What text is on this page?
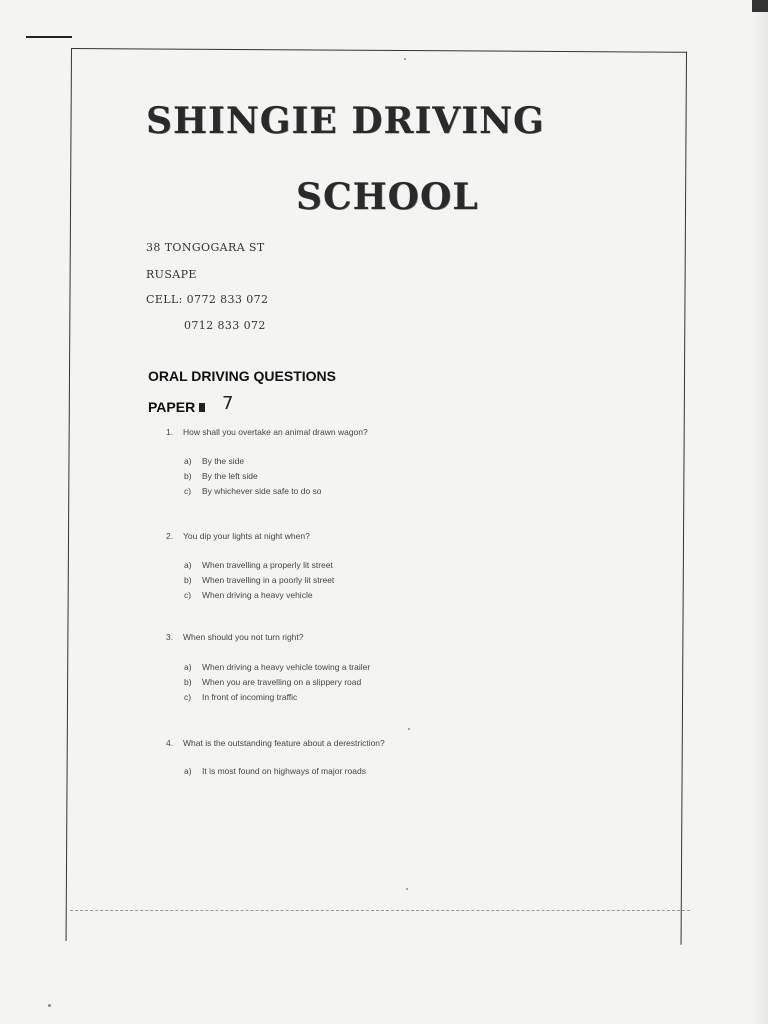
SHINGIE DRIVING
SCHOOL

38 TONGOGARA ST

RUSAPE

CELL: 0772 833 072

0712 833 072

ORAL DRIVING QUESTIONS
PAPER	7

1. How shall you overtake an animal drawn wagon?

a) By the side

b) By the left side

c) By whichever side safe to do so

2. You dip your lights at night when?

a) When travelling a properly lit street

b) When travelling in a poorly lit street

c) When driving a heavy vehicle

3. When should you not turn right?

a) When driving a heavy vehicle towing a trailer

b) When you are travelling on a slippery road

c) In front of incoming traffic

4. What is the outstanding feature about a derestriction?

a) It is most found on highways of major roads
